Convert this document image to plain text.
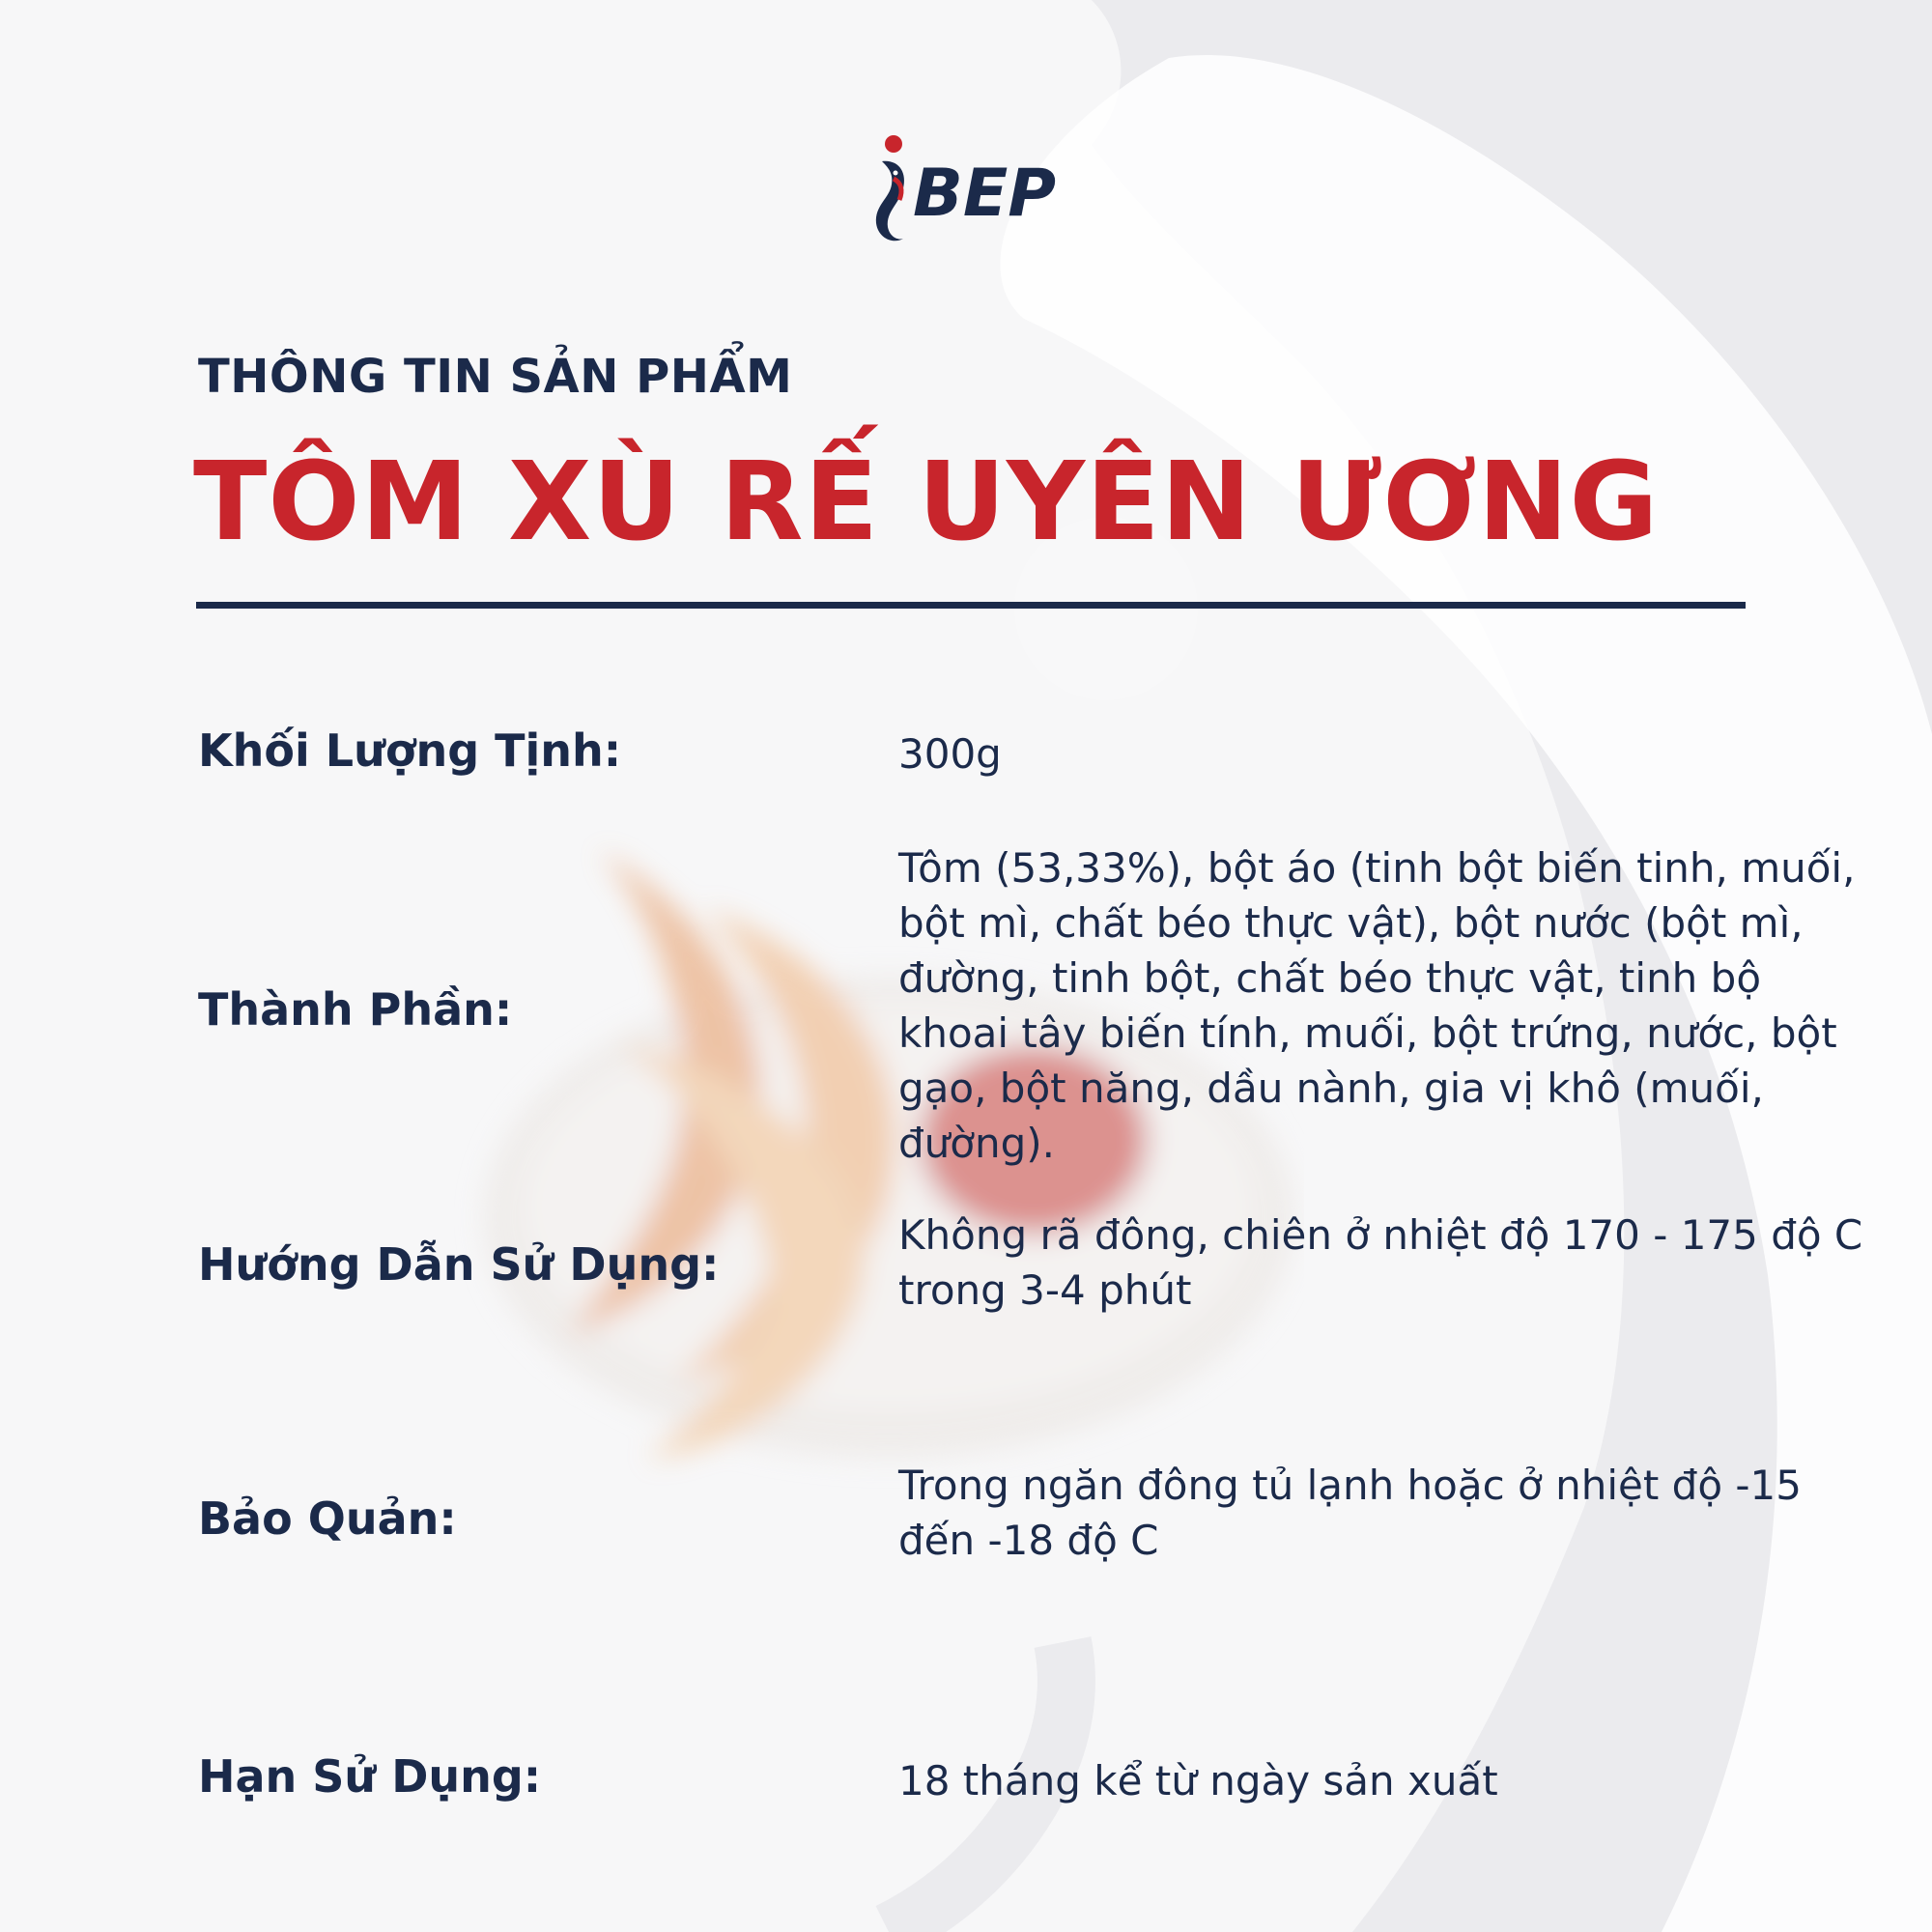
BEP
THÔNG TIN SẢN PHẨM
TÔM XÙ RẾ UYÊN ƯƠNG
Khối Lượng Tịnh:	300g
Thành Phần:
Tôm (53,33%), bột áo (tinh bột biến tinh, muối, bột mì, chất béo thực vật), bột nước (bột mì, đường, tinh bột, chất béo thực vật, tinh bộ khoai tây biến tính, muối, bột trứng, nước, bột gạo, bột năng, dầu nành, gia vị khô (muối, đường).
Hướng Dẫn Sử Dụng:
Không rã đông, chiên ở nhiệt độ 170 - 175 độ C trong 3-4 phút
Bảo Quản:
Trong ngăn đông tủ lạnh hoặc ở nhiệt độ -15 đến -18 độ C
Hạn Sử Dụng:	18 tháng kể từ ngày sản xuất
